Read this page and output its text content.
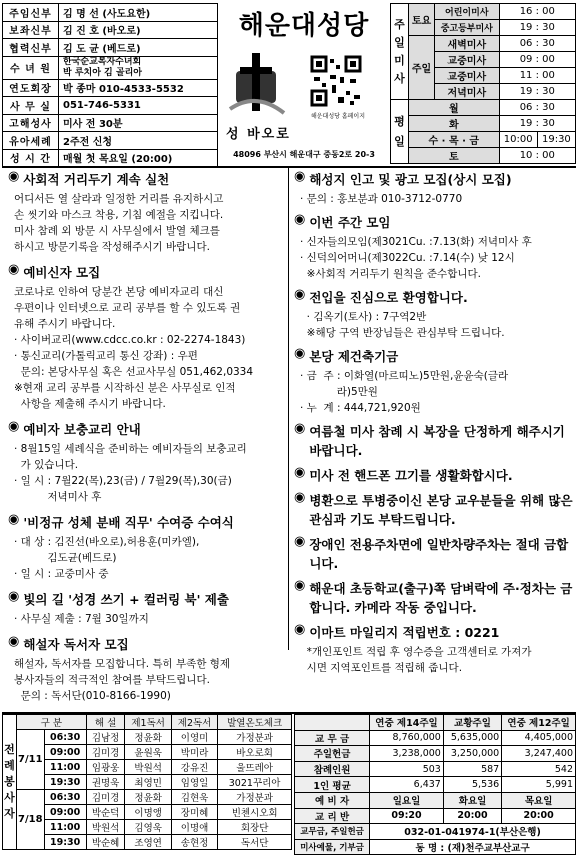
주임신부	김 명 선 (사도요한)
보좌신부	김 진 호 (바오로)
협력신부	김 도 균 (베드로)
수 녀 원	한국순교복자수녀회
박 루치아 김 골리아
연도회장	박 종마 010-4533-5532
사 무 실	051-746-5331
고해성사	미사 전 30분
유아세례	2주전 신청
성 시 간	매월 첫 목요일 (20:00)
해운대성당
해운대성당 홈페이지
성 바오로
48096 부산시 해운대구 중동2로 20-3
주일미사	토요	어린이미사	16 : 00	
		중고등부미사	19 : 30	
	주일	새벽미사	06 : 30	
		교중미사	09 : 00	
		교중미사	11 : 00	
		저녁미사	19 : 30	
평일	월		06 : 30	
	화		19 : 30	
	수 · 목 · 금		10:00	19:30
	토		10 : 00	
◉ 사회적 거리두기 계속 실천
어디서든 열 살라과 일정한 거리를 유지하시고
손 씻기와 마스크 착용, 기침 예절을 지킵니다.
미사 참례 외 방문 시 사무실에서 발열 체크를
하시고 방문기록을 작성해주시기 바랍니다.
◉ 예비신자 모집
코로나로 인하여 당분간 본당 예비자교리 대신
우편이나 인터넷으로 교리 공부를 할 수 있도록 권
유해 주시기 바랍니다.
· 사이버교리(www.cdcc.co.kr : 02-2274-1843)
· 통신교리(가톨릭교리 통신 강좌) : 우편
문의: 본당사무실 혹은 선교사무실 051,462,0334
※현재 교리 공부를 시작하신 분은 사무실로 인적
사항을 제출해 주시기 바랍니다.
◉ 예비자 보충교리 안내
· 8월15일 세례식을 준비하는 예비자들의 보충교리
가 있습니다.
· 일 시 : 7월22(목),23(금) / 7월29(목),30(금)
저녁미사 후
◉ '비정규 성체 분배 직무' 수여증 수여식
· 대 상 : 김진선(바오로),허용훈(미카엘),
김도균(베드로)
· 일 시 : 교중미사 중
◉ 빛의 길 '성경 쓰기 + 컬러링 북' 제출
· 사무실 제출 : 7월 30일까지
◉ 해설자 독서자 모집
해설자, 독서자를 모집합니다. 특히 부족한 형제
봉사자들의 적극적인 참여를 부탁드립니다.
문의 : 독서단(010-8166-1990)
◉ 해성지 인고 및 광고 모집(상시 모집)
· 문의 : 홍보분과 010-3712-0770
◉ 이번 주간 모임
· 신자들의모임(제3021Cu. :7.13(화) 저녁미사 후
· 신덕의어머니(제3022Cu. :7.14(수) 낮 12시
※사회적 거리두기 원칙을 준수합니다.
◉ 전입을 진심으로 환영합니다.
· 김옥기(토사) : 7구역2반
※해당 구역 반장님들은 관심부탁 드립니다.
◉ 본당 제건축기금
· 금  주 : 이화열(마르띠노)5만원,윤윤숙(글라
라)5만원
· 누  계 : 444,721,920원
◉ 여름철 미사 참례 시 복장을 단정하게 해주시기 바랍니다.
◉ 미사 전 핸드폰 끄기를 생활화합시다.
◉ 병환으로 투병중이신 본당 교우분들을 위해 많은 관심과 기도 부탁드립니다.
◉ 장애인 전용주차면에 일반차량주차는 절대 금합니다.
◉ 해운대 초등학교(출구)쪽 담벼락에 주·정차는 금합니다. 카메라 작동 중입니다.
◉ 이마트 마일리지 적립번호 : 0221
*개인포인트 적립 후 영수증을 고객센터로 가져가
시면 지역포인트를 적립해 줍니다.
전례봉사자	구 분		해 설	제1독서	제2독서	발열온도체크
	7/11	06:30	김남정	정윤화	이영미	가정분과
		09:00	김미경	윤원욱	박미라	바오로회
		11:00	임광웅	박원석	강유진	울뜨레아
		19:30	권명욱	최영민	임영일	3021꾸리아
	7/18	06:30	김미경	정윤화	김현욱	가정분과
		09:00	박순덕	이명앵	장미혜	빈첸시오회
		11:00	박원석	김영욱	이명애	회장단
		19:30	박순혜	조영연	송현정	독서단
	연중 제14주일	교황주일	연중 제12주일
교 무 금	8,760,000	5,635,000	4,405,000
주일헌금	3,238,000	3,250,000	3,247,400
참례인원	503	587	542
1인 평균	6,437	5,536	5,991
예 비 자	일요일	화요일	목요일
교 리 반	09:20	20:00	20:00
교무금, 주일헌금	032-01-041974-1(부산은행)		
미사예물, 기부금	동 명 : (재)천주교부산교구		
